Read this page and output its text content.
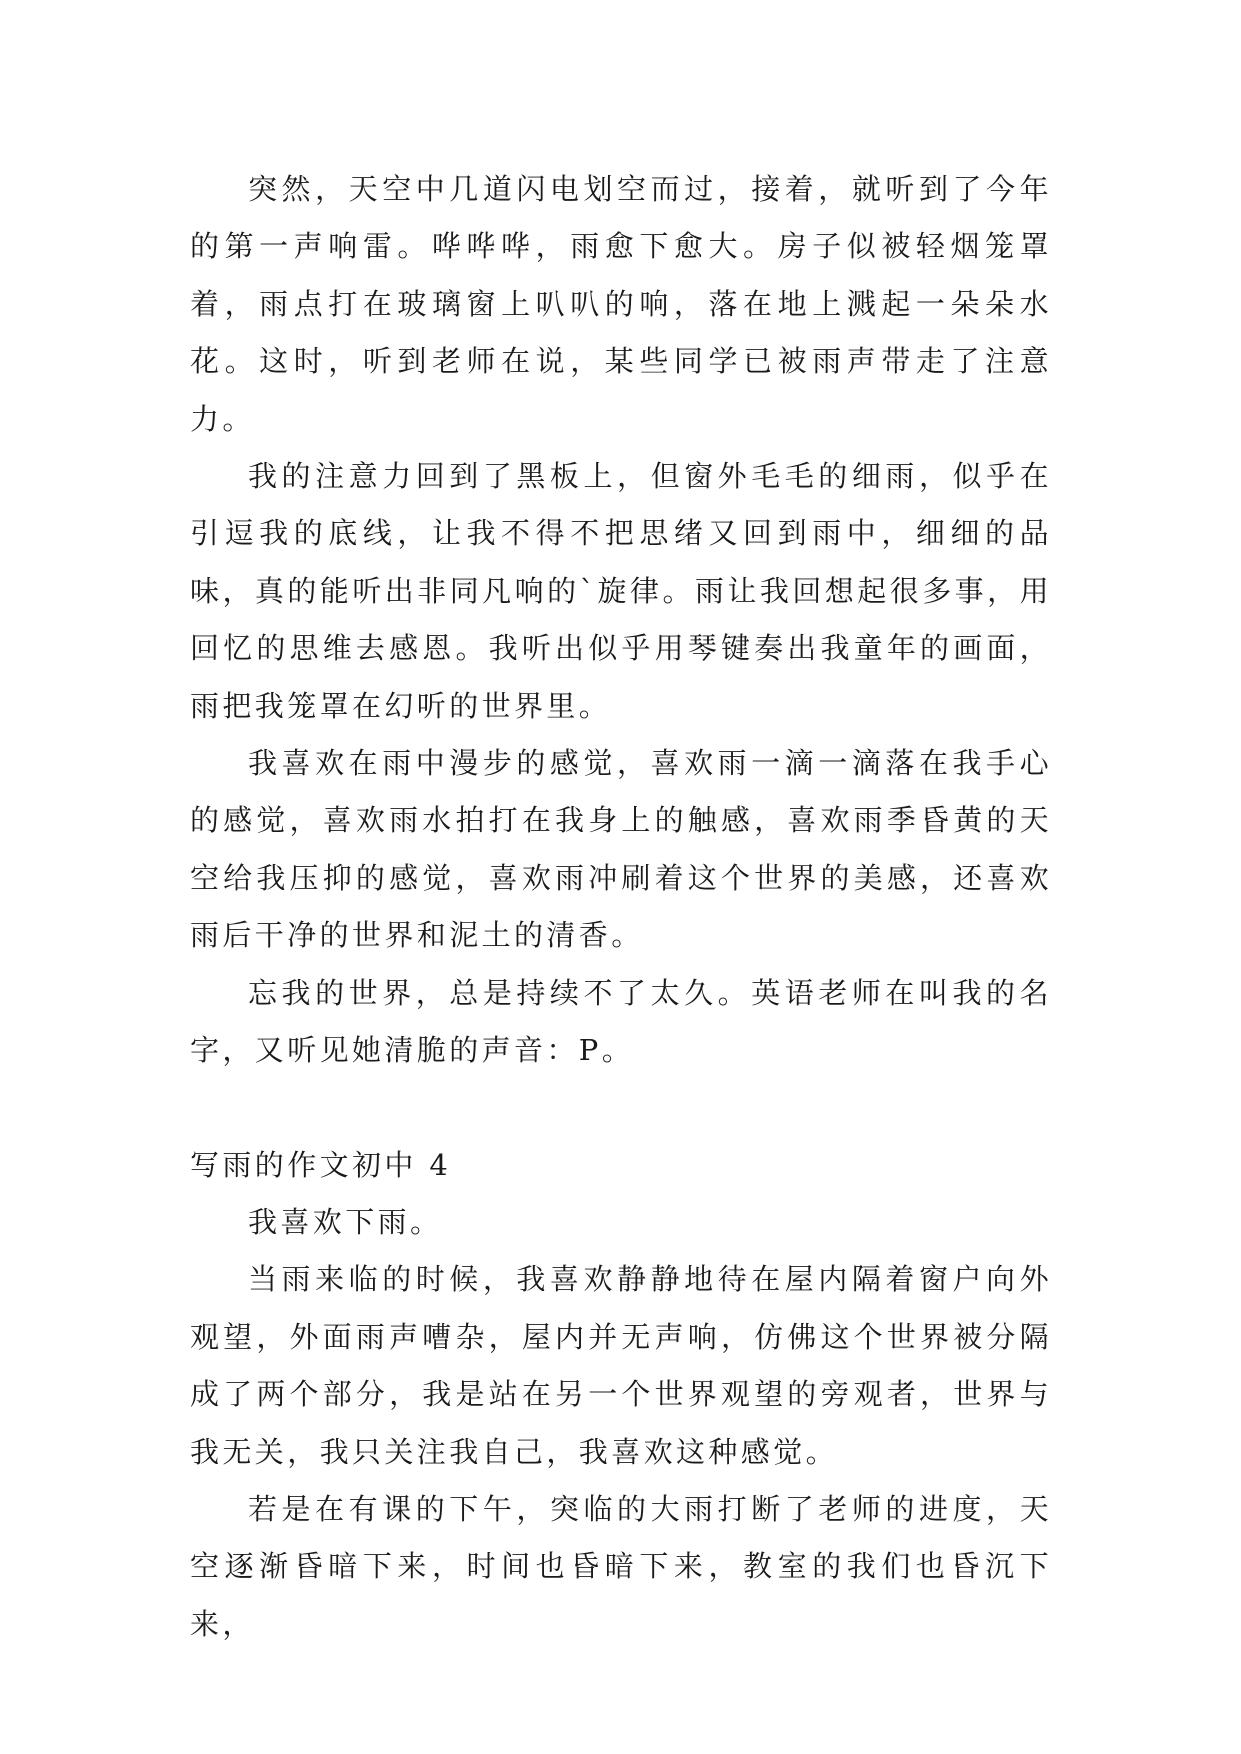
突然，天空中几道闪电划空而过，接着，就听到了今年的第一声响雷。哗哗哗，雨愈下愈大。房子似被轻烟笼罩着，雨点打在玻璃窗上叭叭的响，落在地上溅起一朵朵水花。这时，听到老师在说，某些同学已被雨声带走了注意力。

我的注意力回到了黑板上，但窗外毛毛的细雨，似乎在引逗我的底线，让我不得不把思绪又回到雨中，细细的品味，真的能听出非同凡响的`旋律。雨让我回想起很多事，用回忆的思维去感恩。我听出似乎用琴键奏出我童年的画面，雨把我笼罩在幻听的世界里。

我喜欢在雨中漫步的感觉，喜欢雨一滴一滴落在我手心的感觉，喜欢雨水拍打在我身上的触感，喜欢雨季昏黄的天空给我压抑的感觉，喜欢雨冲刷着这个世界的美感，还喜欢雨后干净的世界和泥土的清香。

忘我的世界，总是持续不了太久。英语老师在叫我的名字，又听见她清脆的声音：P。

写雨的作文初中 4

我喜欢下雨。

当雨来临的时候，我喜欢静静地待在屋内隔着窗户向外观望，外面雨声嘈杂，屋内并无声响，仿佛这个世界被分隔成了两个部分，我是站在另一个世界观望的旁观者，世界与我无关，我只关注我自己，我喜欢这种感觉。

若是在有课的下午，突临的大雨打断了老师的进度，天空逐渐昏暗下来，时间也昏暗下来，教室的我们也昏沉下来，
